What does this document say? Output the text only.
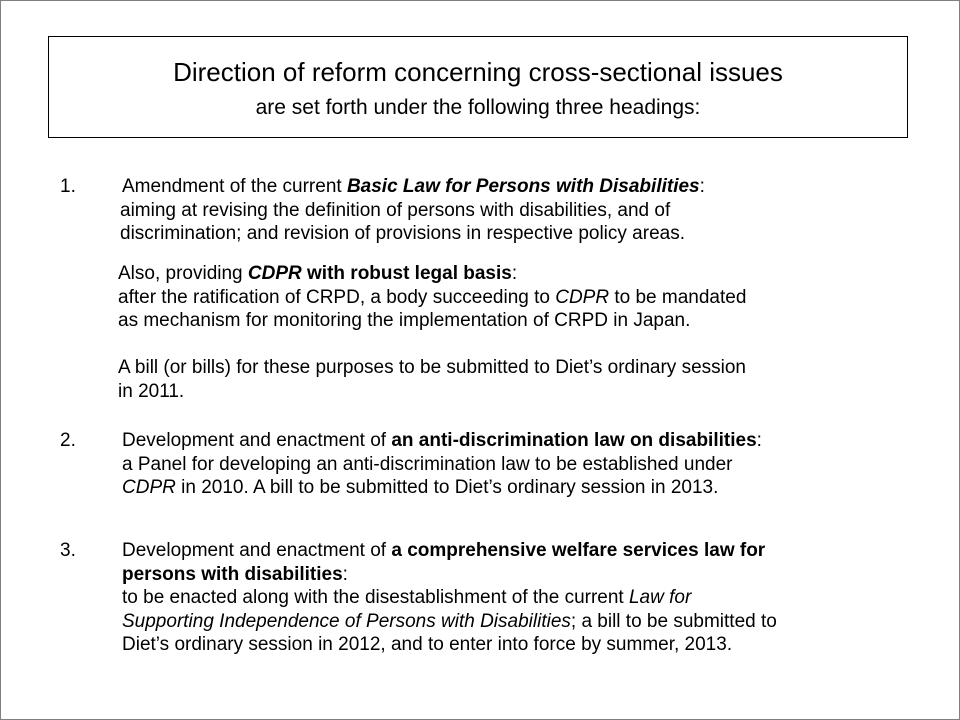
Direction of reform concerning cross-sectional issues
are set forth under the following three headings:
1. Amendment of the current Basic Law for Persons with Disabilities:
aiming at revising the definition of persons with disabilities, and of
discrimination; and revision of provisions in respective policy areas.
Also, providing CDPR with robust legal basis:
after the ratification of CRPD, a body succeeding to CDPR to be mandated
as mechanism for monitoring the implementation of CRPD in Japan.
A bill (or bills) for these purposes to be submitted to Diet’s ordinary session
in 2011.
2. Development and enactment of an anti-discrimination law on disabilities:
a Panel for developing an anti-discrimination law to be established under
CDPR in 2010. A bill to be submitted to Diet’s ordinary session in 2013.
3. Development and enactment of a comprehensive welfare services law for
persons with disabilities:
to be enacted along with the disestablishment of the current Law for
Supporting Independence of Persons with Disabilities; a bill to be submitted to
Diet’s ordinary session in 2012, and to enter into force by summer, 2013.
